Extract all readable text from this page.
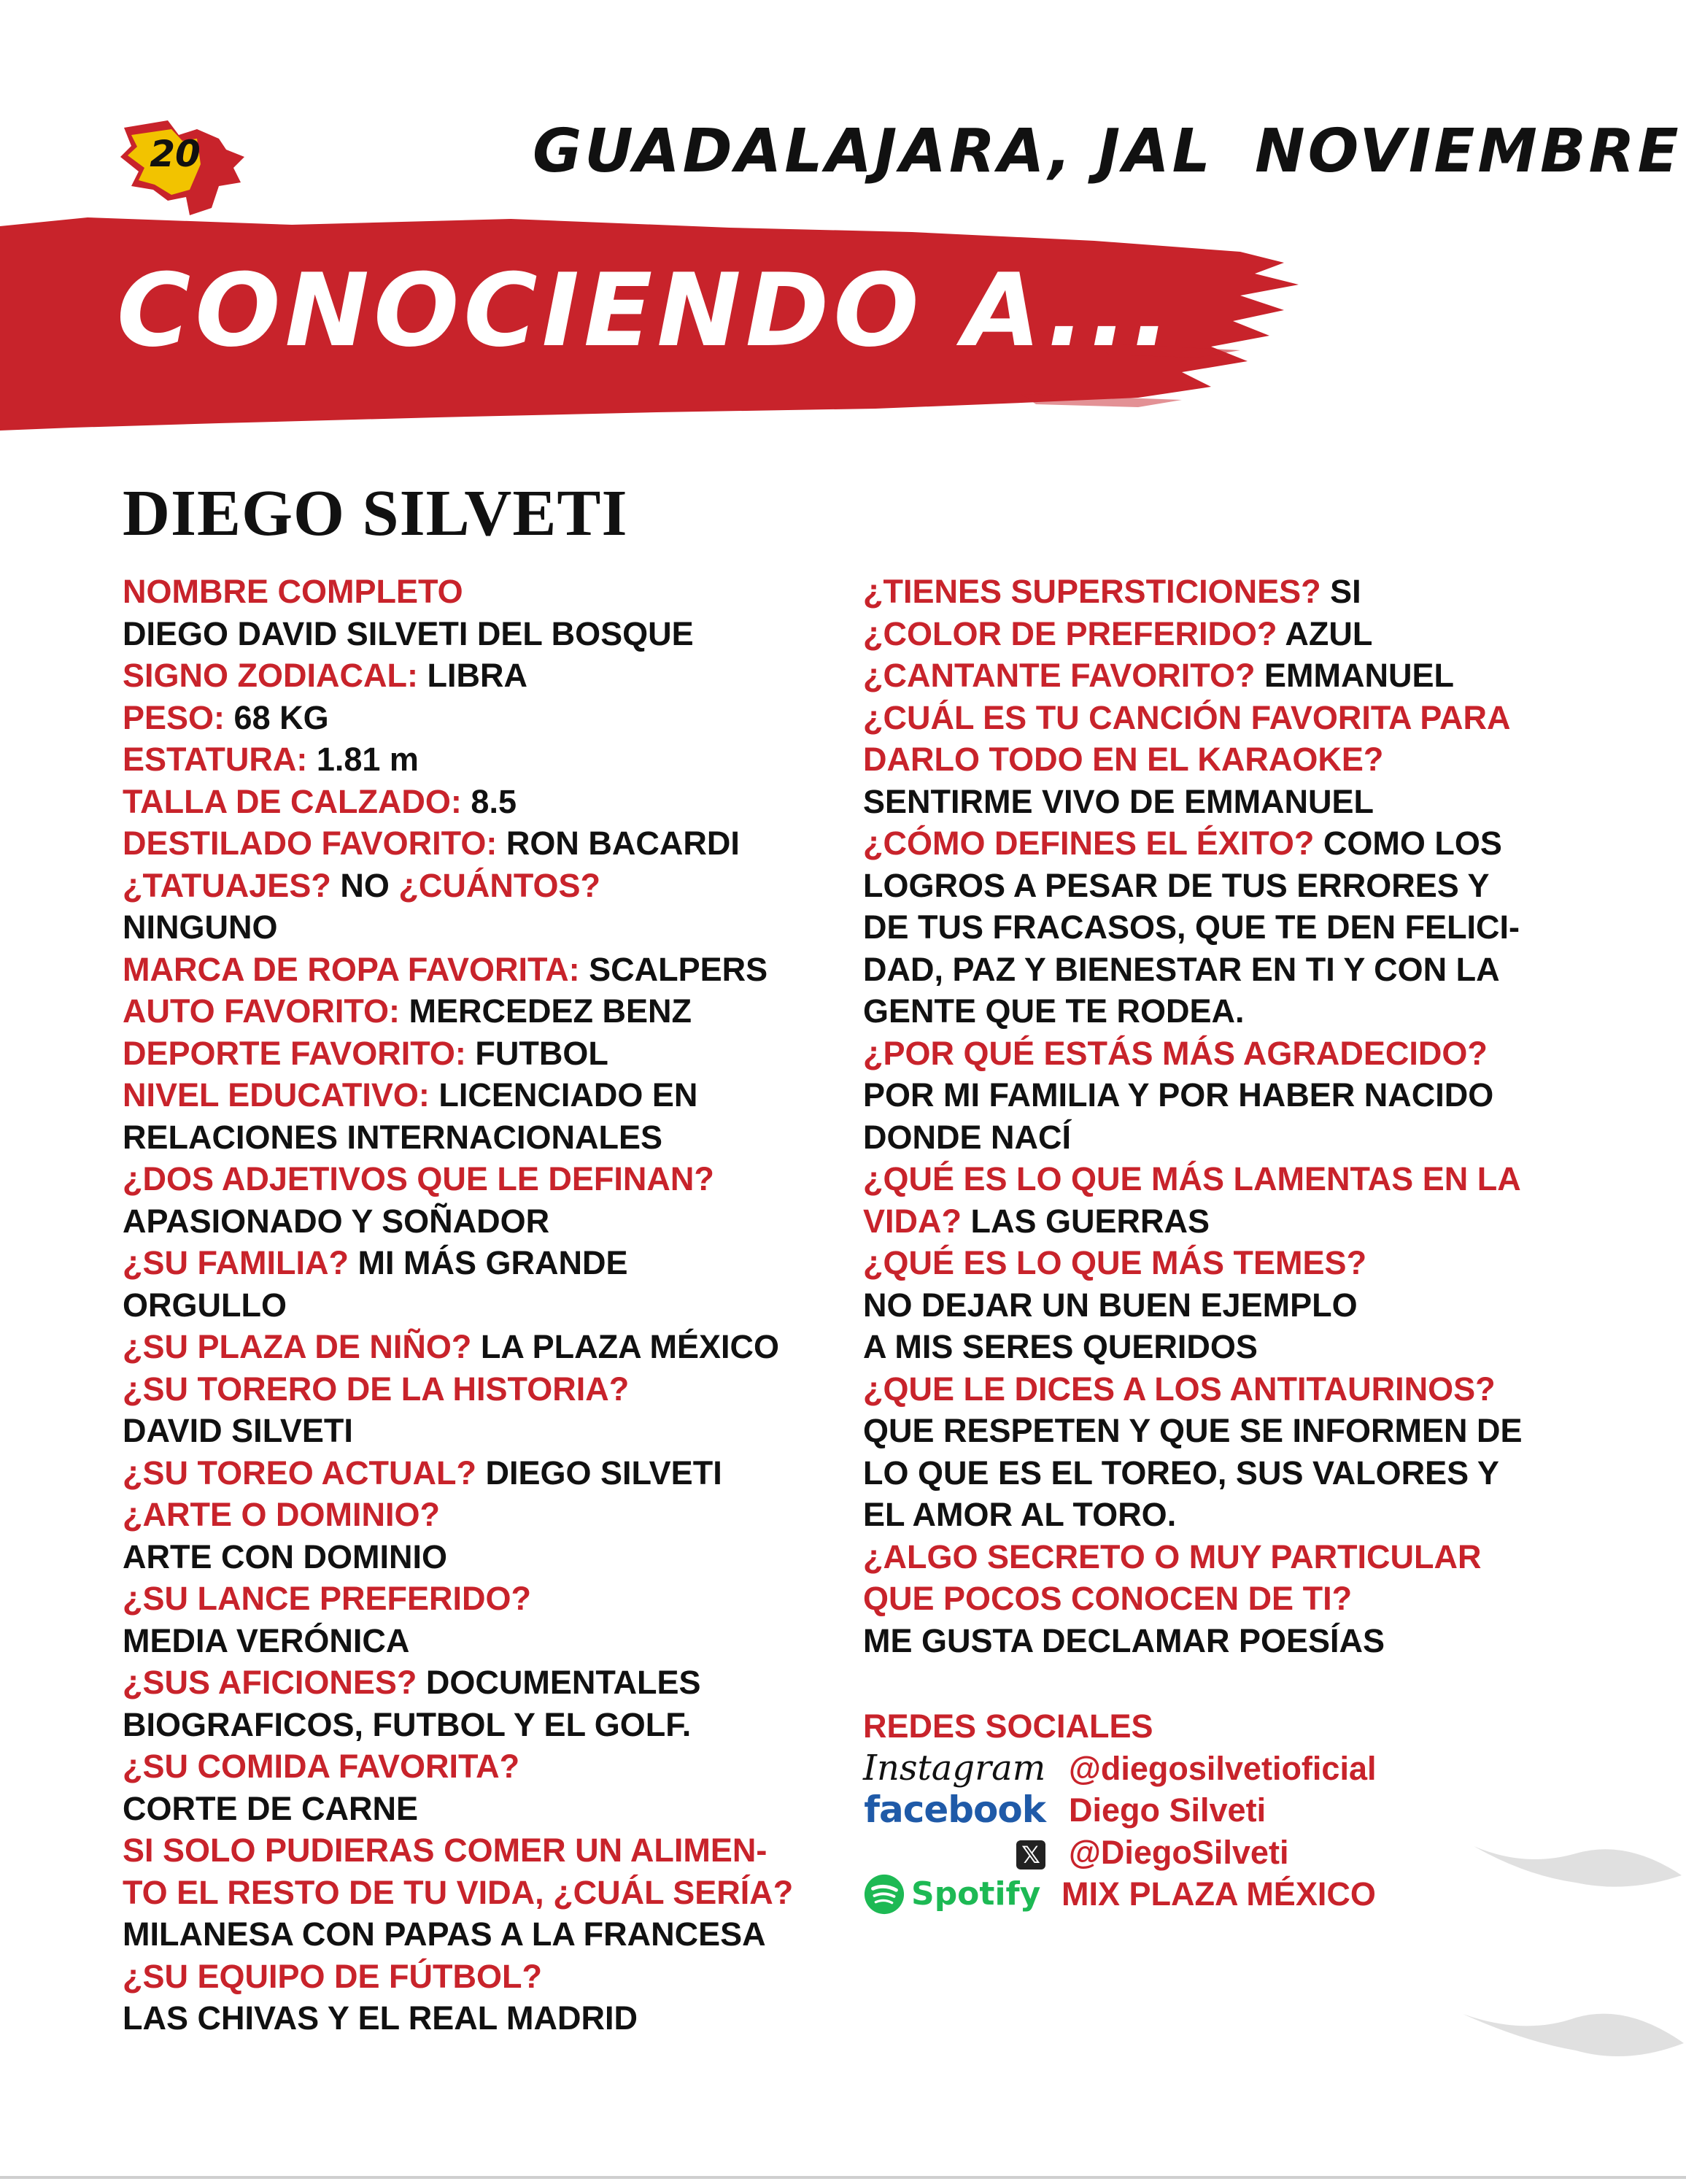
20	GUADALAJARA, JAL NOVIEMBRE
CONOCIENDO A...
DIEGO SILVETI
NOMBRE COMPLETO
DIEGO DAVID SILVETI DEL BOSQUE
SIGNO ZODIACAL: LIBRA
PESO: 68 KG
ESTATURA: 1.81 m
TALLA DE CALZADO: 8.5
DESTILADO FAVORITO: RON BACARDI
¿TATUAJES? NO ¿CUÁNTOS?
NINGUNO
MARCA DE ROPA FAVORITA: SCALPERS
AUTO FAVORITO: MERCEDEZ BENZ
DEPORTE FAVORITO: FUTBOL
NIVEL EDUCATIVO: LICENCIADO EN
RELACIONES INTERNACIONALES
¿DOS ADJETIVOS QUE LE DEFINAN?
APASIONADO Y SOÑADOR
¿SU FAMILIA? MI MÁS GRANDE
ORGULLO
¿SU PLAZA DE NIÑO? LA PLAZA MÉXICO
¿SU TORERO DE LA HISTORIA?
DAVID SILVETI
¿SU TOREO ACTUAL? DIEGO SILVETI
¿ARTE O DOMINIO?
ARTE CON DOMINIO
¿SU LANCE PREFERIDO?
MEDIA VERÓNICA
¿SUS AFICIONES? DOCUMENTALES
BIOGRAFICOS, FUTBOL Y EL GOLF.
¿SU COMIDA FAVORITA?
CORTE DE CARNE
SI SOLO PUDIERAS COMER UN ALIMEN-
TO EL RESTO DE TU VIDA, ¿CUÁL SERÍA?
MILANESA CON PAPAS A LA FRANCESA
¿SU EQUIPO DE FÚTBOL?
LAS CHIVAS Y EL REAL MADRID
¿TIENES SUPERSTICIONES? SI
¿COLOR DE PREFERIDO? AZUL
¿CANTANTE FAVORITO? EMMANUEL
¿CUÁL ES TU CANCIÓN FAVORITA PARA
DARLO TODO EN EL KARAOKE?
SENTIRME VIVO DE EMMANUEL
¿CÓMO DEFINES EL ÉXITO? COMO LOS
LOGROS A PESAR DE TUS ERRORES Y
DE TUS FRACASOS, QUE TE DEN FELICI-
DAD, PAZ Y BIENESTAR EN TI Y CON LA
GENTE QUE TE RODEA.
¿POR QUÉ ESTÁS MÁS AGRADECIDO?
POR MI FAMILIA Y POR HABER NACIDO
DONDE NACÍ
¿QUÉ ES LO QUE MÁS LAMENTAS EN LA
VIDA? LAS GUERRAS
¿QUÉ ES LO QUE MÁS TEMES?
NO DEJAR UN BUEN EJEMPLO
A MIS SERES QUERIDOS
¿QUE LE DICES A LOS ANTITAURINOS?
QUE RESPETEN Y QUE SE INFORMEN DE
LO QUE ES EL TOREO, SUS VALORES Y
EL AMOR AL TORO.
¿ALGO SECRETO O MUY PARTICULAR
QUE POCOS CONOCEN DE TI?
ME GUSTA DECLAMAR POESÍAS
REDES SOCIALES
Instagram @diegosilvetioficial
facebook Diego Silveti
𝕏 @DiegoSilveti
Spotify MIX PLAZA MÉXICO
